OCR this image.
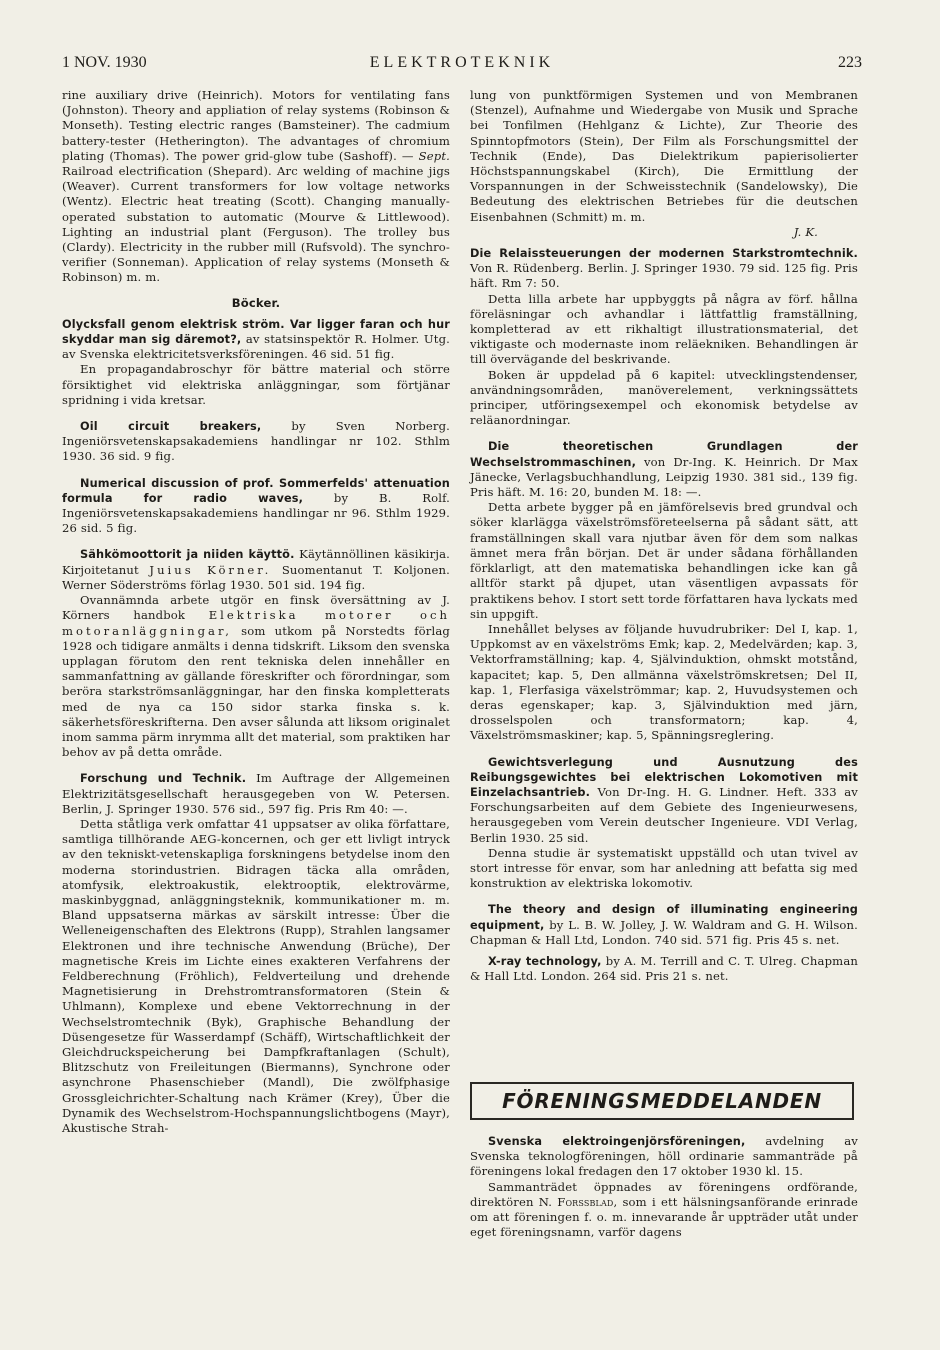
1 NOV. 1930	ELEKTROTEKNIK	223

rine auxiliary drive (Heinrich). Motors for ventilating fans (Johnston). Theory and appliation of relay systems (Robinson & Monseth). Testing electric ranges (Bamsteiner). The cadmium battery-tester (Hetherington). The advantages of chromium plating (Thomas). The power grid-glow tube (Sashoff). — Sept. Railroad electrification (Shepard). Arc welding of machine jigs (Weaver). Current transformers for low voltage networks (Wentz). Electric heat treating (Scott). Changing manually-operated substation to automatic (Mourve & Littlewood). Lighting an industrial plant (Ferguson). The trolley bus (Clardy). Electricity in the rubber mill (Rufsvold). The synchro-verifier (Sonneman). Application of relay systems (Monseth & Robinson) m. m.

Böcker.

Olycksfall genom elektrisk ström. Var ligger faran och hur skyddar man sig däremot?, av statsinspektör R. Holmer. Utg. av Svenska elektricitetsverksföreningen. 46 sid. 51 fig.

En propagandabroschyr för bättre material och större försiktighet vid elektriska anläggningar, som förtjänar spridning i vida kretsar.

Oil circuit breakers,	by Sven Norberg. Ingeniörsvetenskapsakademiens handlingar nr 102. Sthlm 1930. 36 sid. 9 fig.

Numerical discussion of prof. Sommerfelds' attenuation formula for radio waves,	by B. Rolf. Ingeniörsvetenskapsakademiens handlingar nr 96. Sthlm 1929. 26 sid. 5 fig.

Sähkömoottorit ja niiden käyttö. Käytännöllinen käsikirja. Kirjoitetanut Juius Körner. Suomentanut T. Koljonen. Werner Söderströms förlag 1930. 501 sid. 194 fig.

Ovannämnda arbete utgör en finsk översättning av J. Körners handbok Elektriska motorer och motoranläggningar, som utkom på Norstedts förlag 1928 och tidigare anmälts i denna tidskrift. Liksom den svenska upplagan förutom den rent tekniska delen innehåller en sammanfattning av gällande föreskrifter och förordningar, som beröra starkströmsanläggningar, har den finska kompletterats med de nya ca 150 sidor starka finska s. k. säkerhetsföreskrifterna. Den avser sålunda att liksom originalet inom samma pärm inrymma allt det material, som praktiken har behov av på detta område.

Forschung und Technik. Im Auftrage der Allgemeinen Elektrizitätsgesellschaft herausgegeben von W. Petersen. Berlin, J. Springer 1930. 576 sid., 597 fig. Pris Rm 40: —.

Detta ståtliga verk omfattar 41 uppsatser av olika författare, samtliga tillhörande AEG-koncernen, och ger ett livligt intryck av den tekniskt-vetenskapliga forskningens betydelse inom den moderna storindustrien. Bidragen täcka alla områden, atomfysik, elektroakustik, elektrooptik, elektrovärme, maskinbyggnad, anläggningsteknik, kommunikationer m. m. Bland uppsatserna märkas av särskilt intresse: Über die Welleneigenschaften des Elektrons (Rupp), Strahlen langsamer Elektronen und ihre technische Anwendung (Brüche), Der magnetische Kreis im Lichte eines exakteren Verfahrens der Feldberechnung (Fröhlich), Feldverteilung und drehende Magnetisierung in Drehstromtransformatoren (Stein & Uhlmann), Komplexe und ebene Vektorrechnung in der Wechselstromtechnik (Byk), Graphische Behandlung der Düsengesetze für Wasserdampf (Schäff), Wirtschaftlichkeit der Gleichdruckspeicherung bei Dampfkraftanlagen (Schult), Blitzschutz von Freileitungen (Biermanns), Synchrone oder asynchrone Phasenschieber (Mandl), Die zwölfphasige Grossgleichrichter-Schaltung nach Krämer (Krey), Über die Dynamik des Wechselstrom-Hochspannungslichtbogens (Mayr), Akustische Strah-

lung von punktförmigen Systemen und von Membranen (Stenzel), Aufnahme und Wiedergabe von Musik und Sprache bei Tonfilmen (Hehlganz & Lichte), Zur Theorie des Spinntopfmotors (Stein), Der Film als Forschungsmittel der Technik (Ende), Das Dielektrikum papierisolierter Höchstspannungskabel (Kirch), Die Ermittlung der Vorspannungen in der Schweisstechnik (Sandelowsky), Die Bedeutung des elektrischen Betriebes für die deutschen Eisenbahnen (Schmitt) m. m.

J. K.

Die Relaissteuerungen der modernen Starkstromtechnik. Von R. Rüdenberg. Berlin. J. Springer 1930. 79 sid. 125 fig. Pris häft. Rm 7: 50.

Detta lilla arbete har uppbyggts på några av förf. hållna föreläsningar och avhandlar i lättfattlig framställning, kompletterad av ett rikhaltigt illustrationsmaterial, det viktigaste och modernaste inom reläekniken. Behandlingen är till övervägande del beskrivande.

Boken är uppdelad på 6 kapitel: utvecklingstendenser, användningsområden, manöverelement, verkningssättets principer, utföringsexempel och ekonomisk betydelse av reläanordningar.

Die theoretischen Grundlagen der Wechselstrommaschinen, von Dr-Ing. K. Heinrich. Dr Max Jänecke, Verlagsbuchhandlung, Leipzig 1930. 381 sid., 139 fig. Pris häft. M. 16: 20, bunden M. 18: —.

Detta arbete bygger på en jämförelsevis bred grundval och söker klarlägga växelströmsföreteelserna på sådant sätt, att framställningen skall vara njutbar även för dem som nalkas ämnet mera från början. Det är under sådana förhållanden förklarligt, att den matematiska behandlingen icke kan gå alltför starkt på djupet, utan väsentligen avpassats för praktikens behov. I stort sett torde författaren hava lyckats med sin uppgift.

Innehållet belyses av följande huvudrubriker: Del I, kap. 1, Uppkomst av en växelströms Emk; kap. 2, Medelvärden; kap. 3, Vektorframställning; kap. 4, Självinduktion, ohmskt motstånd, kapacitet; kap. 5, Den allmänna växelströmskretsen; Del II, kap. 1, Flerfasiga växelströmmar; kap. 2, Huvudsystemen och deras egenskaper; kap. 3, Självinduktion med järn, drosselspolen och transformatorn; kap. 4, Växelströmsmaskiner; kap. 5, Spänningsreglering.

Gewichtsverlegung und Ausnutzung des Reibungsgewichtes bei elektrischen Lokomotiven mit Einzelachsantrieb. Von Dr-Ing. H. G. Lindner. Heft. 333 av Forschungsarbeiten auf dem Gebiete des Ingenieurwesens, herausgegeben vom Verein deutscher Ingenieure. VDI Verlag, Berlin 1930. 25 sid.

Denna studie är systematiskt uppställd och utan tvivel av stort intresse för envar, som har anledning att befatta sig med konstruktion av elektriska lokomotiv.

The theory and design of illuminating engineering equipment, by L. B. W. Jolley, J. W. Waldram and G. H. Wilson. Chapman & Hall Ltd, London. 740 sid. 571 fig. Pris 45 s. net.

X-ray technology, by A. M. Terrill and C. T. Ulreg. Chapman & Hall Ltd. London. 264 sid. Pris 21 s. net.

FÖRENINGSMEDDELANDEN

Svenska elektroingenjörsföreningen, avdelning av Svenska teknologföreningen, höll ordinarie sammanträde på föreningens lokal fredagen den 17 oktober 1930 kl. 15.

Sammanträdet öppnades av föreningens ordförande, direktören N. Forssblad, som i ett hälsningsanförande erinrade om att föreningen f. o. m. innevarande år uppträder utåt under eget föreningsnamn, varför dagens
